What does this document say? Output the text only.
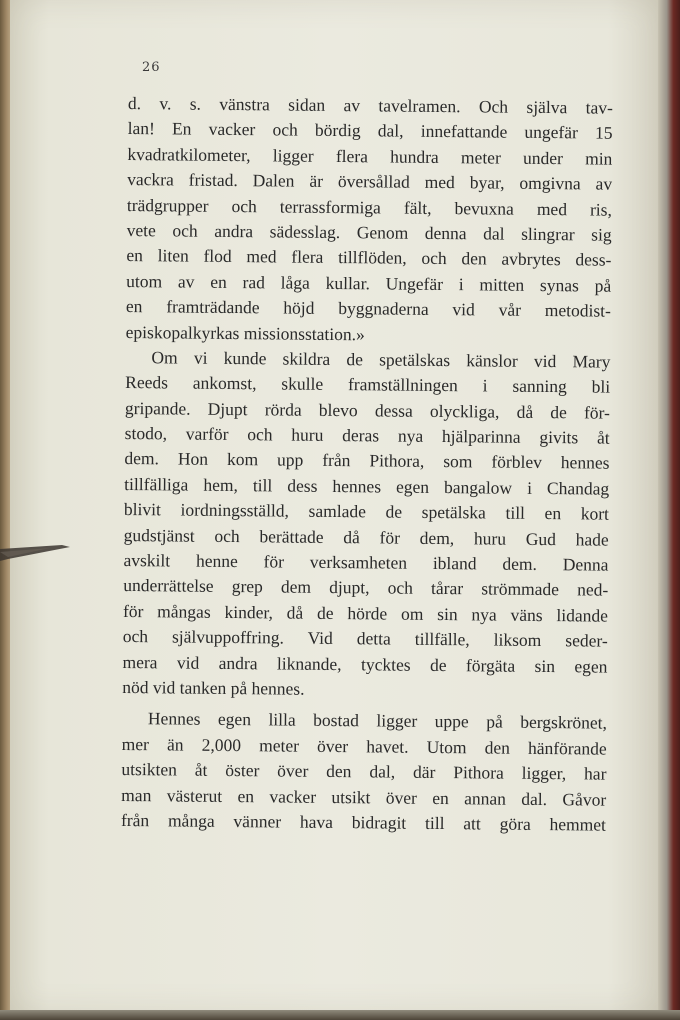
26
d. v. s. vänstra sidan av tavelramen. Och själva tav-
lan! En vacker och bördig dal, innefattande ungefär 15
kvadratkilometer, ligger flera hundra meter under min
vackra fristad. Dalen är översållad med byar, omgivna av
trädgrupper och terrassformiga fält, bevuxna med ris,
vete och andra sädesslag. Genom denna dal slingrar sig
en liten flod med flera tillflöden, och den avbrytes dess-
utom av en rad låga kullar. Ungefär i mitten synas på
en framträdande höjd byggnaderna vid vår metodist-
episkopalkyrkas missionsstation.»
Om vi kunde skildra de spetälskas känslor vid Mary
Reeds ankomst, skulle framställningen i sanning bli
gripande. Djupt rörda blevo dessa olyckliga, då de för-
stodo, varför och huru deras nya hjälparinna givits åt
dem. Hon kom upp från Pithora, som förblev hennes
tillfälliga hem, till dess hennes egen bangalow i Chandag
blivit iordningsställd, samlade de spetälska till en kort
gudstjänst och berättade då för dem, huru Gud hade
avskilt henne för verksamheten ibland dem. Denna
underrättelse grep dem djupt, och tårar strömmade ned-
för mångas kinder, då de hörde om sin nya väns lidande
och självuppoffring. Vid detta tillfälle, liksom seder-
mera vid andra liknande, tycktes de förgäta sin egen
nöd vid tanken på hennes.
Hennes egen lilla bostad ligger uppe på bergskrönet,
mer än 2,000 meter över havet. Utom den hänförande
utsikten åt öster över den dal, där Pithora ligger, har
man västerut en vacker utsikt över en annan dal. Gåvor
från många vänner hava bidragit till att göra hemmet
